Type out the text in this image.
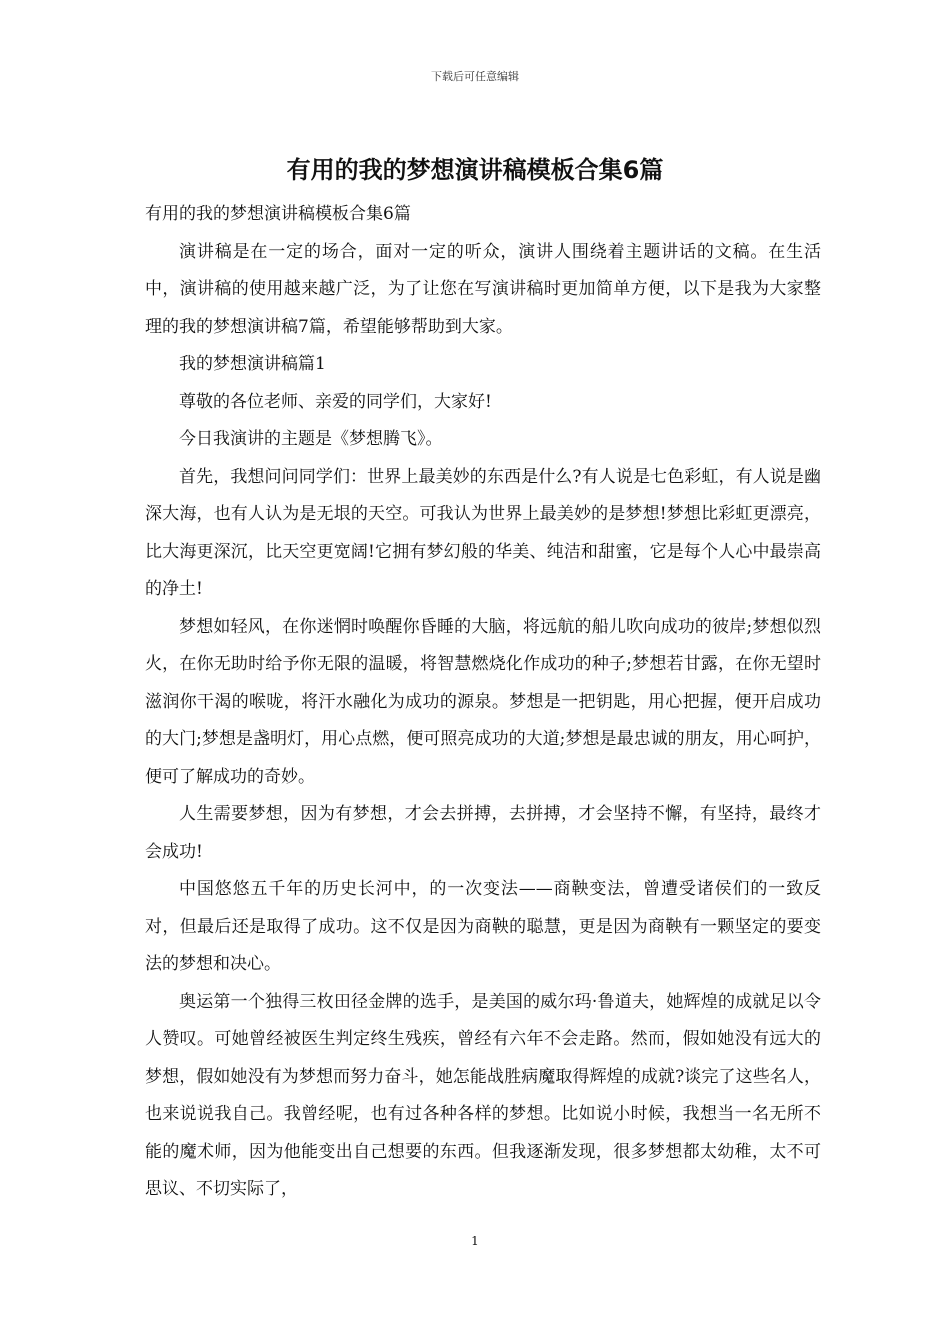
下载后可任意编辑
有用的我的梦想演讲稿模板合集6篇

有用的我的梦想演讲稿模板合集6篇

演讲稿是在一定的场合，面对一定的听众，演讲人围绕着主题讲话的文稿。在生活中，演讲稿的使用越来越广泛，为了让您在写演讲稿时更加简单方便，以下是我为大家整理的我的梦想演讲稿7篇，希望能够帮助到大家。

我的梦想演讲稿篇1

尊敬的各位老师、亲爱的同学们，大家好!

今日我演讲的主题是《梦想腾飞》。

首先，我想问问同学们：世界上最美妙的东西是什么?有人说是七色彩虹，有人说是幽深大海，也有人认为是无垠的天空。可我认为世界上最美妙的是梦想!梦想比彩虹更漂亮，比大海更深沉，比天空更宽阔!它拥有梦幻般的华美、纯洁和甜蜜，它是每个人心中最崇高的净土!

梦想如轻风，在你迷惘时唤醒你昏睡的大脑，将远航的船儿吹向成功的彼岸;梦想似烈火，在你无助时给予你无限的温暖，将智慧燃烧化作成功的种子;梦想若甘露，在你无望时滋润你干渴的喉咙，将汗水融化为成功的源泉。梦想是一把钥匙，用心把握，便开启成功的大门;梦想是盏明灯，用心点燃，便可照亮成功的大道;梦想是最忠诚的朋友，用心呵护，便可了解成功的奇妙。

人生需要梦想，因为有梦想，才会去拼搏，去拼搏，才会坚持不懈，有坚持，最终才会成功!

中国悠悠五千年的历史长河中，的一次变法——商鞅变法，曾遭受诸侯们的一致反对，但最后还是取得了成功。这不仅是因为商鞅的聪慧，更是因为商鞅有一颗坚定的要变法的梦想和决心。

奥运第一个独得三枚田径金牌的选手，是美国的威尔玛·鲁道夫，她辉煌的成就足以令人赞叹。可她曾经被医生判定终生残疾，曾经有六年不会走路。然而，假如她没有远大的梦想，假如她没有为梦想而努力奋斗，她怎能战胜病魔取得辉煌的成就?谈完了这些名人，也来说说我自己。我曾经呢，也有过各种各样的梦想。比如说小时候，我想当一名无所不能的魔术师，因为他能变出自己想要的东西。但我逐渐发现，很多梦想都太幼稚，太不可思议、不切实际了，

1
